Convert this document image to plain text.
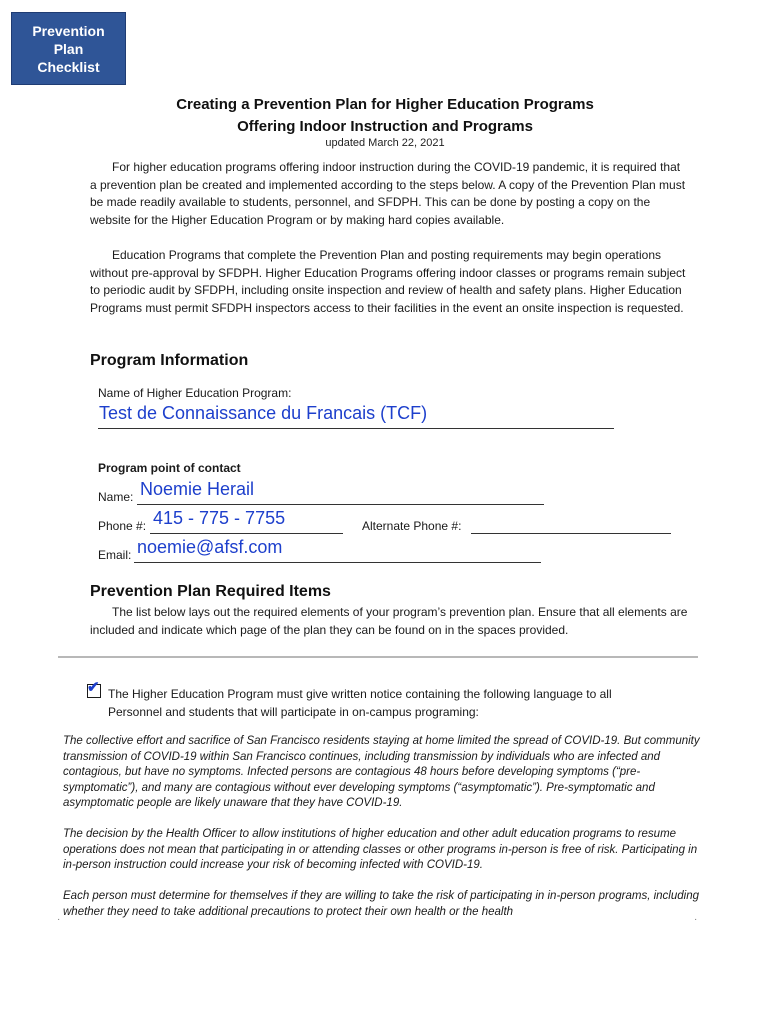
Prevention
Plan
Checklist
Creating a Prevention Plan for Higher Education Programs
Offering Indoor Instruction and Programs
updated March 22, 2021
For higher education programs offering indoor instruction during the COVID-19 pandemic, it is required that a prevention plan be created and implemented according to the steps below. A copy of the Prevention Plan must be made readily available to students, personnel, and SFDPH. This can be done by posting a copy on the website for the Higher Education Program or by making hard copies available.
Education Programs that complete the Prevention Plan and posting requirements may begin operations without pre-approval by SFDPH. Higher Education Programs offering indoor classes or programs remain subject to periodic audit by SFDPH, including onsite inspection and review of health and safety plans. Higher Education Programs must permit SFDPH inspectors access to their facilities in the event an onsite inspection is requested.
Program Information
Name of Higher Education Program:
Test de Connaissance du Francais (TCF)
Program point of contact
Name: Noemie Herail
Phone #: 415 - 775 - 7755	Alternate Phone #:
Email: noemie@afsf.com
Prevention Plan Required Items
The list below lays out the required elements of your program’s prevention plan. Ensure that all elements are included and indicate which page of the plan they can be found on in the spaces provided.
✔ The Higher Education Program must give written notice containing the following language to all
Personnel and students that will participate in on-campus programing:
The collective effort and sacrifice of San Francisco residents staying at home limited the spread of COVID-19. But community transmission of COVID-19 within San Francisco continues, including transmission by individuals who are infected and contagious, but have no symptoms. Infected persons are contagious 48 hours before developing symptoms (“pre-symptomatic”), and many are contagious without ever developing symptoms (“asymptomatic”). Pre-symptomatic and asymptomatic people are likely unaware that they have COVID-19.
The decision by the Health Officer to allow institutions of higher education and other adult education programs to resume operations does not mean that participating in or attending classes or other programs in-person is free of risk. Participating in in-person instruction could increase your risk of becoming infected with COVID-19.
Each person must determine for themselves if they are willing to take the risk of participating in in-person programs, including whether they need to take additional precautions to protect their own health or the health
·	·
